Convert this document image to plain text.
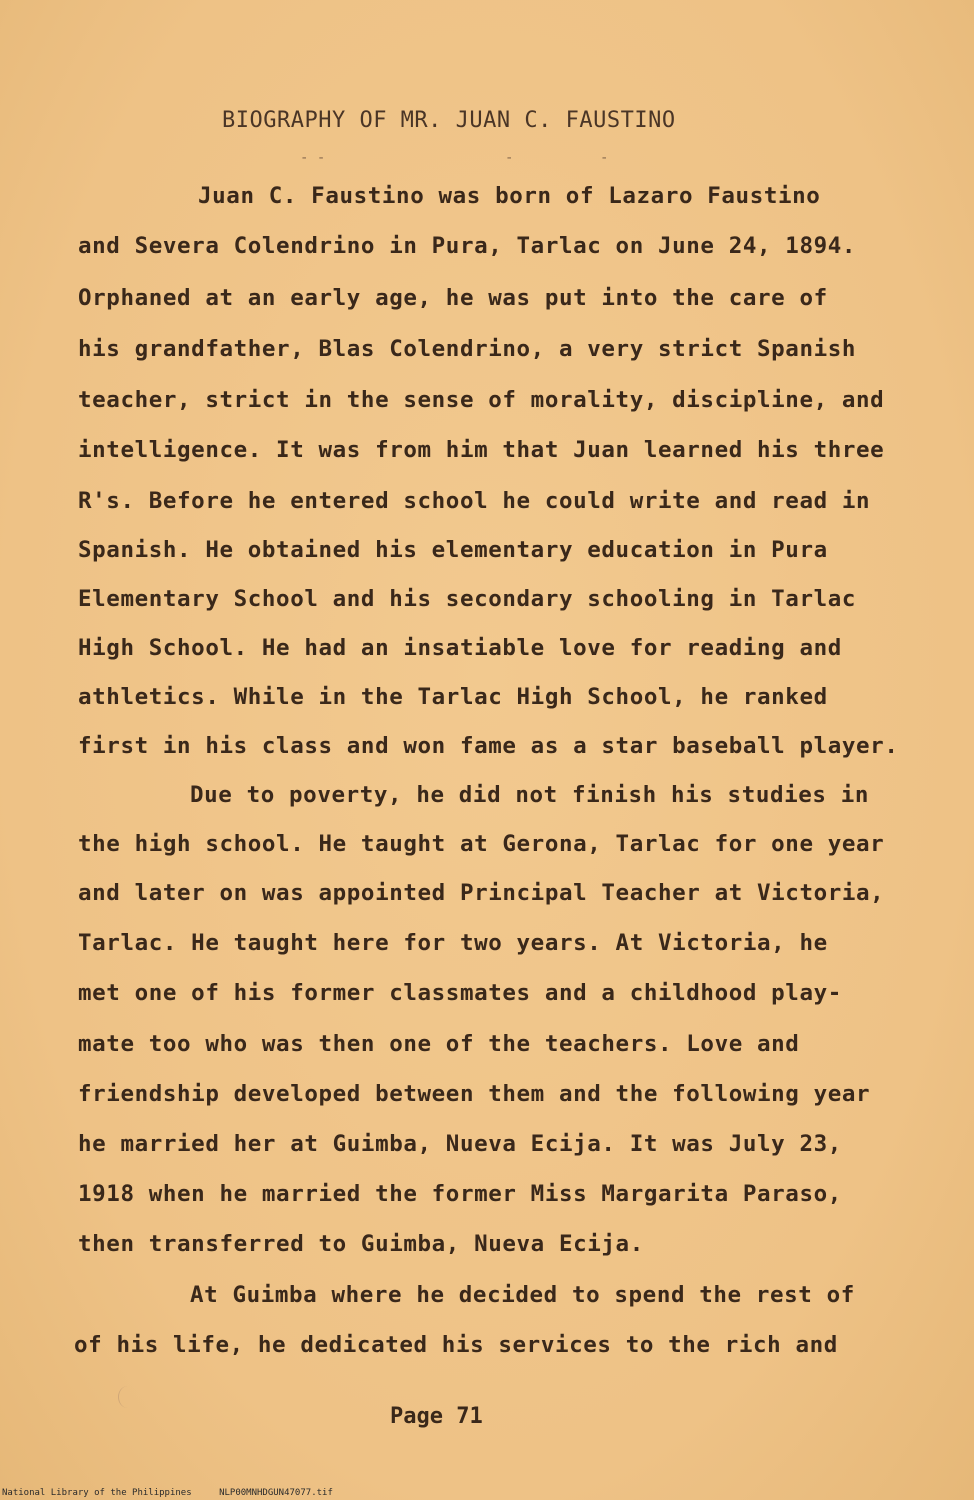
BIOGRAPHY OF MR. JUAN C. FAUSTINO
- -	-	-
Juan C. Faustino was born of Lazaro Faustino
and Severa Colendrino in Pura, Tarlac on June 24, 1894.
Orphaned at an early age, he was put into the care of
his grandfather, Blas Colendrino, a very strict Spanish
teacher, strict in the sense of morality, discipline, and
intelligence. It was from him that Juan learned his three
R's. Before he entered school he could write and read in
Spanish. He obtained his elementary education in Pura
Elementary School and his secondary schooling in Tarlac
High School. He had an insatiable love for reading and
athletics. While in the Tarlac High School, he ranked
first in his class and won fame as a star baseball player.
Due to poverty, he did not finish his studies in
the high school. He taught at Gerona, Tarlac for one year
and later on was appointed Principal Teacher at Victoria,
Tarlac. He taught here for two years. At Victoria, he
met one of his former classmates and a childhood play-
mate too who was then one of the teachers. Love and
friendship developed between them and the following year
he married her at Guimba, Nueva Ecija. It was July 23,
1918 when he married the former Miss Margarita Paraso,
then transferred to Guimba, Nueva Ecija.
At Guimba where he decided to spend the rest of
of his life, he dedicated his services to the rich and
Page 71
National Library of the Philippines	NLP00MNHDGUN47077.tif
